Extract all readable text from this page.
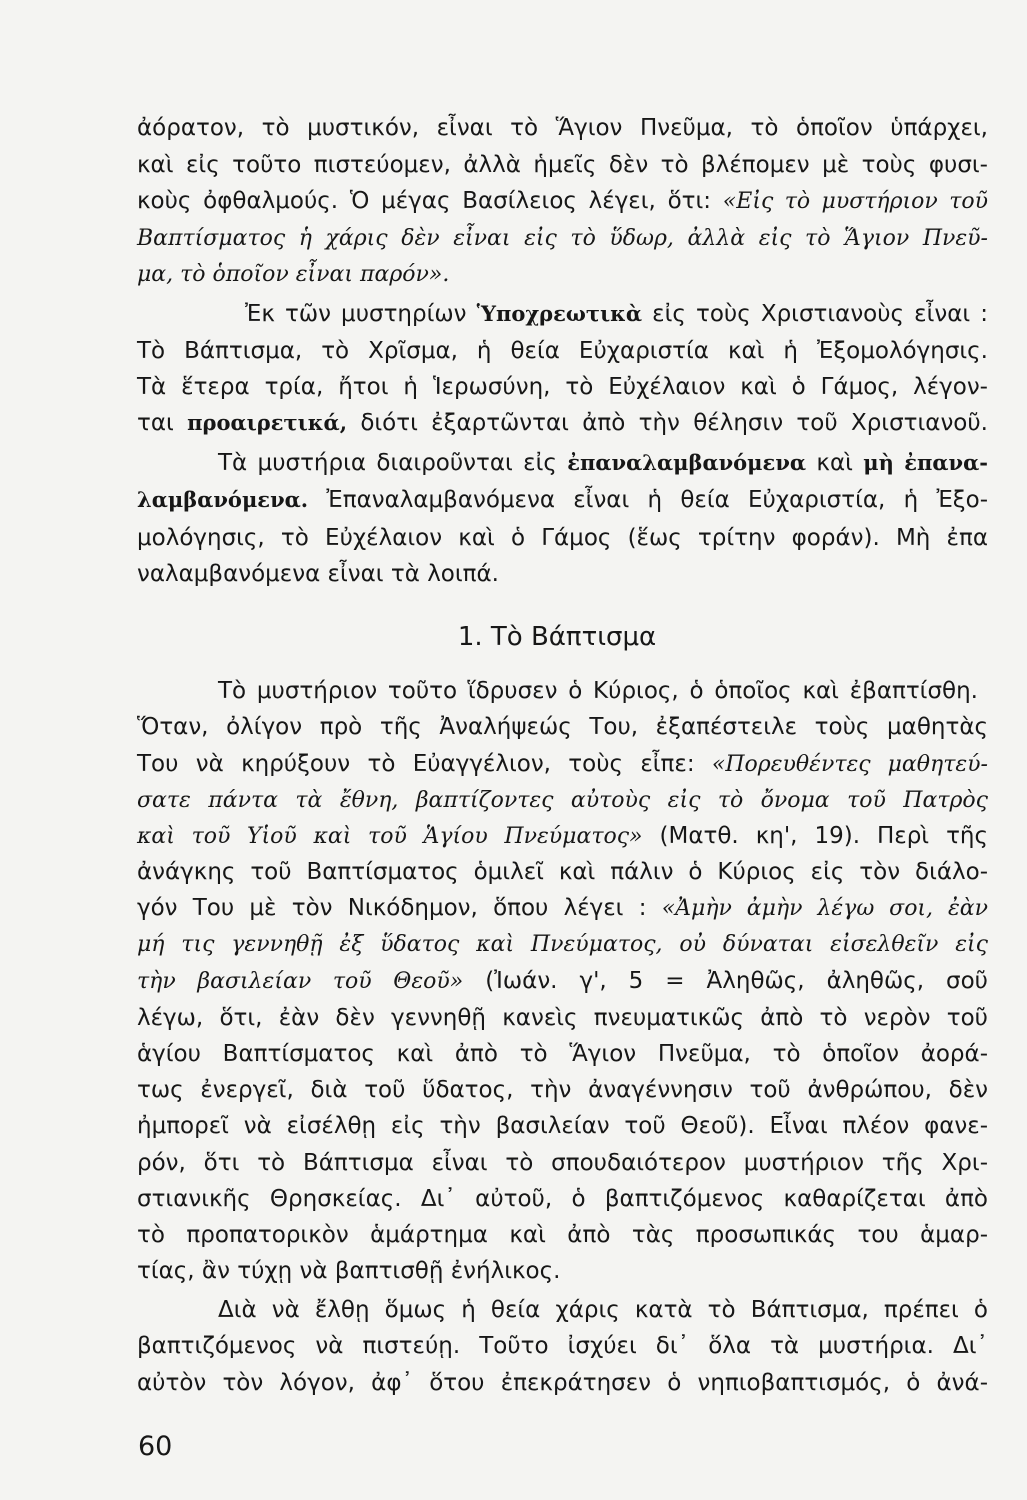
ἀόρατον, τὸ μυστικόν, εἶναι τὸ Ἅγιον Πνεῦμα, τὸ ὁποῖον ὑπάρχει,
καὶ εἰς τοῦτο πιστεύομεν, ἀλλὰ ἡμεῖς δὲν τὸ βλέπομεν μὲ τοὺς φυσι-
κοὺς ὀφθαλμούς. Ὁ μέγας Βασίλειος λέγει, ὅτι: «Εἰς τὸ μυστήριον τοῦ
Βαπτίσματος ἡ χάρις δὲν εἶναι εἰς τὸ ὕδωρ, ἀλλὰ εἰς τὸ Ἅγιον Πνεῦ-
μα, τὸ ὁποῖον εἶναι παρόν».
Ἐκ τῶν μυστηρίων Ὑποχρεωτικὰ εἰς τοὺς Χριστιανοὺς εἶναι :
Τὸ Βάπτισμα, τὸ Χρῖσμα, ἡ θεία Εὐχαριστία καὶ ἡ Ἐξομολόγησις.
Τὰ ἕτερα τρία, ἤτοι ἡ Ἱερωσύνη, τὸ Εὐχέλαιον καὶ ὁ Γάμος, λέγον-
ται προαιρετικά, διότι ἐξαρτῶνται ἀπὸ τὴν θέλησιν τοῦ Χριστιανοῦ.
Τὰ μυστήρια διαιροῦνται εἰς ἐπαναλαμβανόμενα καὶ μὴ ἐπανα-
λαμβανόμενα. Ἐπαναλαμβανόμενα εἶναι ἡ θεία Εὐχαριστία, ἡ Ἐξο-
μολόγησις, τὸ Εὐχέλαιον καὶ ὁ Γάμος (ἕως τρίτην φοράν). Μὴ ἐπα
ναλαμβανόμενα εἶναι τὰ λοιπά.
1. Τὸ Βάπτισμα
Τὸ μυστήριον τοῦτο ἵδρυσεν ὁ Κύριος, ὁ ὁποῖος καὶ ἐβαπτίσθη.
Ὅταν, ὀλίγον πρὸ τῆς Ἀναλήψεώς Του, ἐξαπέστειλε τοὺς μαθητὰς
Του νὰ κηρύξουν τὸ Εὐαγγέλιον, τοὺς εἶπε: «Πορευθέντες μαθητεύ-
σατε πάντα τὰ ἔθνη, βαπτίζοντες αὐτοὺς εἰς τὸ ὄνομα τοῦ Πατρὸς
καὶ τοῦ Υἱοῦ καὶ τοῦ Ἁγίου Πνεύματος» (Ματθ. κη', 19). Περὶ τῆς
ἀνάγκης τοῦ Βαπτίσματος ὁμιλεῖ καὶ πάλιν ὁ Κύριος εἰς τὸν διάλο-
γόν Του μὲ τὸν Νικόδημον, ὅπου λέγει : «Ἀμὴν ἀμὴν λέγω σοι, ἐὰν
μή τις γεννηθῇ ἐξ ὕδατος καὶ Πνεύματος, οὐ δύναται εἰσελθεῖν εἰς
τὴν βασιλείαν τοῦ Θεοῦ» (Ἰωάν. γ', 5 = Ἀληθῶς, ἀληθῶς, σοῦ
λέγω, ὅτι, ἐὰν δὲν γεννηθῇ κανεὶς πνευματικῶς ἀπὸ τὸ νερὸν τοῦ
ἁγίου Βαπτίσματος καὶ ἀπὸ τὸ Ἅγιον Πνεῦμα, τὸ ὁποῖον ἀορά-
τως ἐνεργεῖ, διὰ τοῦ ὕδατος, τὴν ἀναγέννησιν τοῦ ἀνθρώπου, δὲν
ἠμπορεῖ νὰ εἰσέλθῃ εἰς τὴν βασιλείαν τοῦ Θεοῦ). Εἶναι πλέον φανε-
ρόν, ὅτι τὸ Βάπτισμα εἶναι τὸ σπουδαιότερον μυστήριον τῆς Χρι-
στιανικῆς Θρησκείας. Δι᾽ αὐτοῦ, ὁ βαπτιζόμενος καθαρίζεται ἀπὸ
τὸ προπατορικὸν ἁμάρτημα καὶ ἀπὸ τὰς προσωπικάς του ἁμαρ-
τίας, ἂν τύχῃ νὰ βαπτισθῇ ἐνήλικος.
Διὰ νὰ ἔλθῃ ὅμως ἡ θεία χάρις κατὰ τὸ Βάπτισμα, πρέπει ὁ
βαπτιζόμενος νὰ πιστεύῃ. Τοῦτο ἰσχύει δι᾽ ὅλα τὰ μυστήρια. Δι᾽
αὐτὸν τὸν λόγον, ἀφ᾽ ὅτου ἐπεκράτησεν ὁ νηπιοβαπτισμός, ὁ ἀνά-
60
